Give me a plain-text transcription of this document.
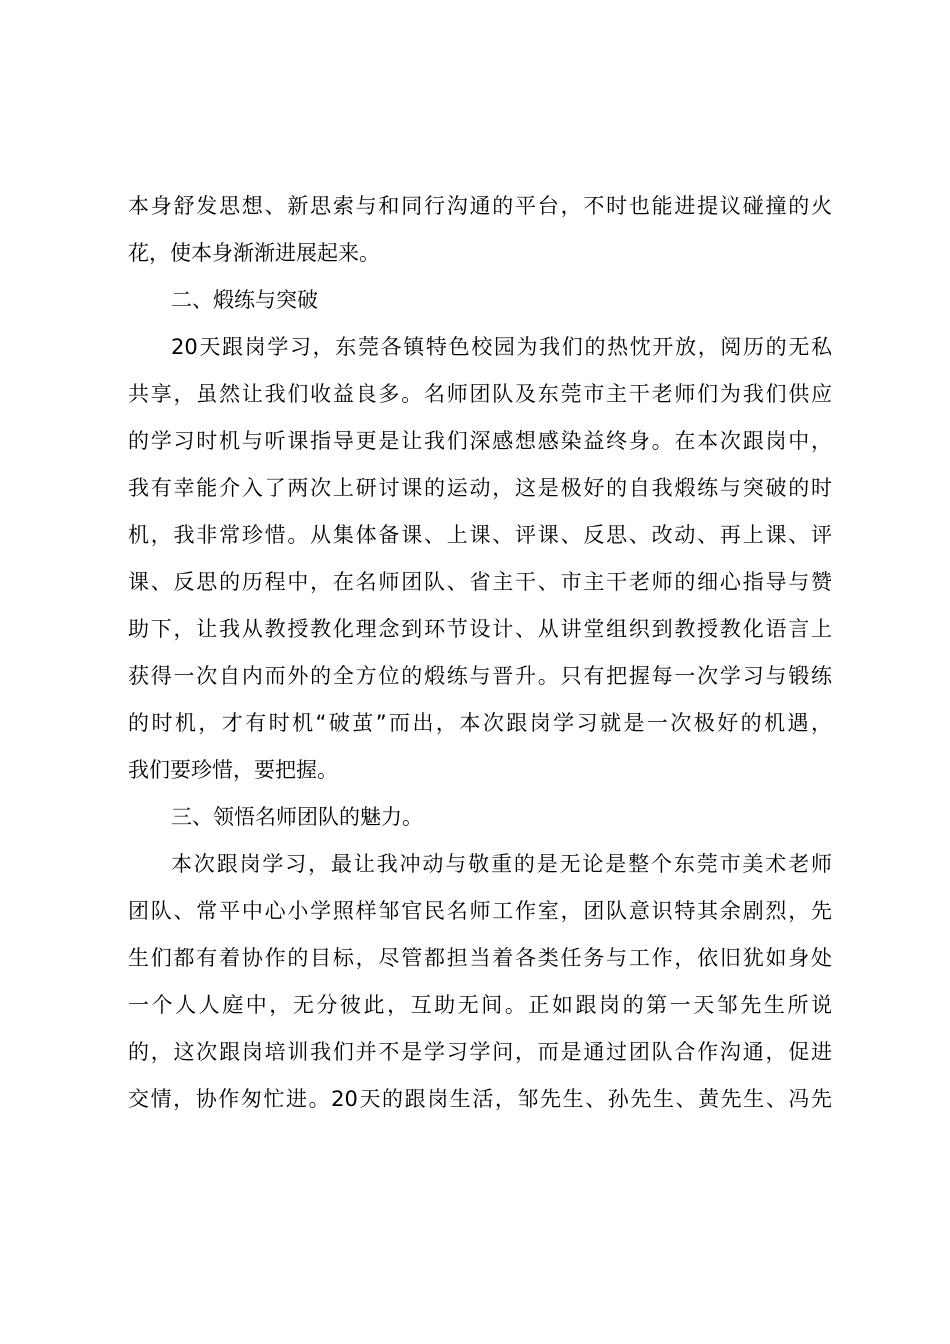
本身舒发思想、新思索与和同行沟通的平台，不时也能进提议碰撞的火
花，使本身渐渐进展起来。
二、煅练与突破
20天跟岗学习，东莞各镇特色校园为我们的热忱开放，阅历的无私
共享，虽然让我们收益良多。名师团队及东莞市主干老师们为我们供应
的学习时机与听课指导更是让我们深感想感染益终身。在本次跟岗中，
我有幸能介入了两次上研讨课的运动，这是极好的自我煅练与突破的时
机，我非常珍惜。从集体备课、上课、评课、反思、改动、再上课、评
课、反思的历程中，在名师团队、省主干、市主干老师的细心指导与赞
助下，让我从教授教化理念到环节设计、从讲堂组织到教授教化语言上
获得一次自内而外的全方位的煅练与晋升。只有把握每一次学习与锻练
的时机，才有时机“破茧”而出，本次跟岗学习就是一次极好的机遇，
我们要珍惜，要把握。
三、领悟名师团队的魅力。
本次跟岗学习，最让我冲动与敬重的是无论是整个东莞市美术老师
团队、常平中心小学照样邹官民名师工作室，团队意识特其余剧烈，先
生们都有着协作的目标，尽管都担当着各类任务与工作，依旧犹如身处
一个人人庭中，无分彼此，互助无间。正如跟岗的第一天邹先生所说
的，这次跟岗培训我们并不是学习学问，而是通过团队合作沟通，促进
交情，协作匆忙进。20天的跟岗生活，邹先生、孙先生、黄先生、冯先
